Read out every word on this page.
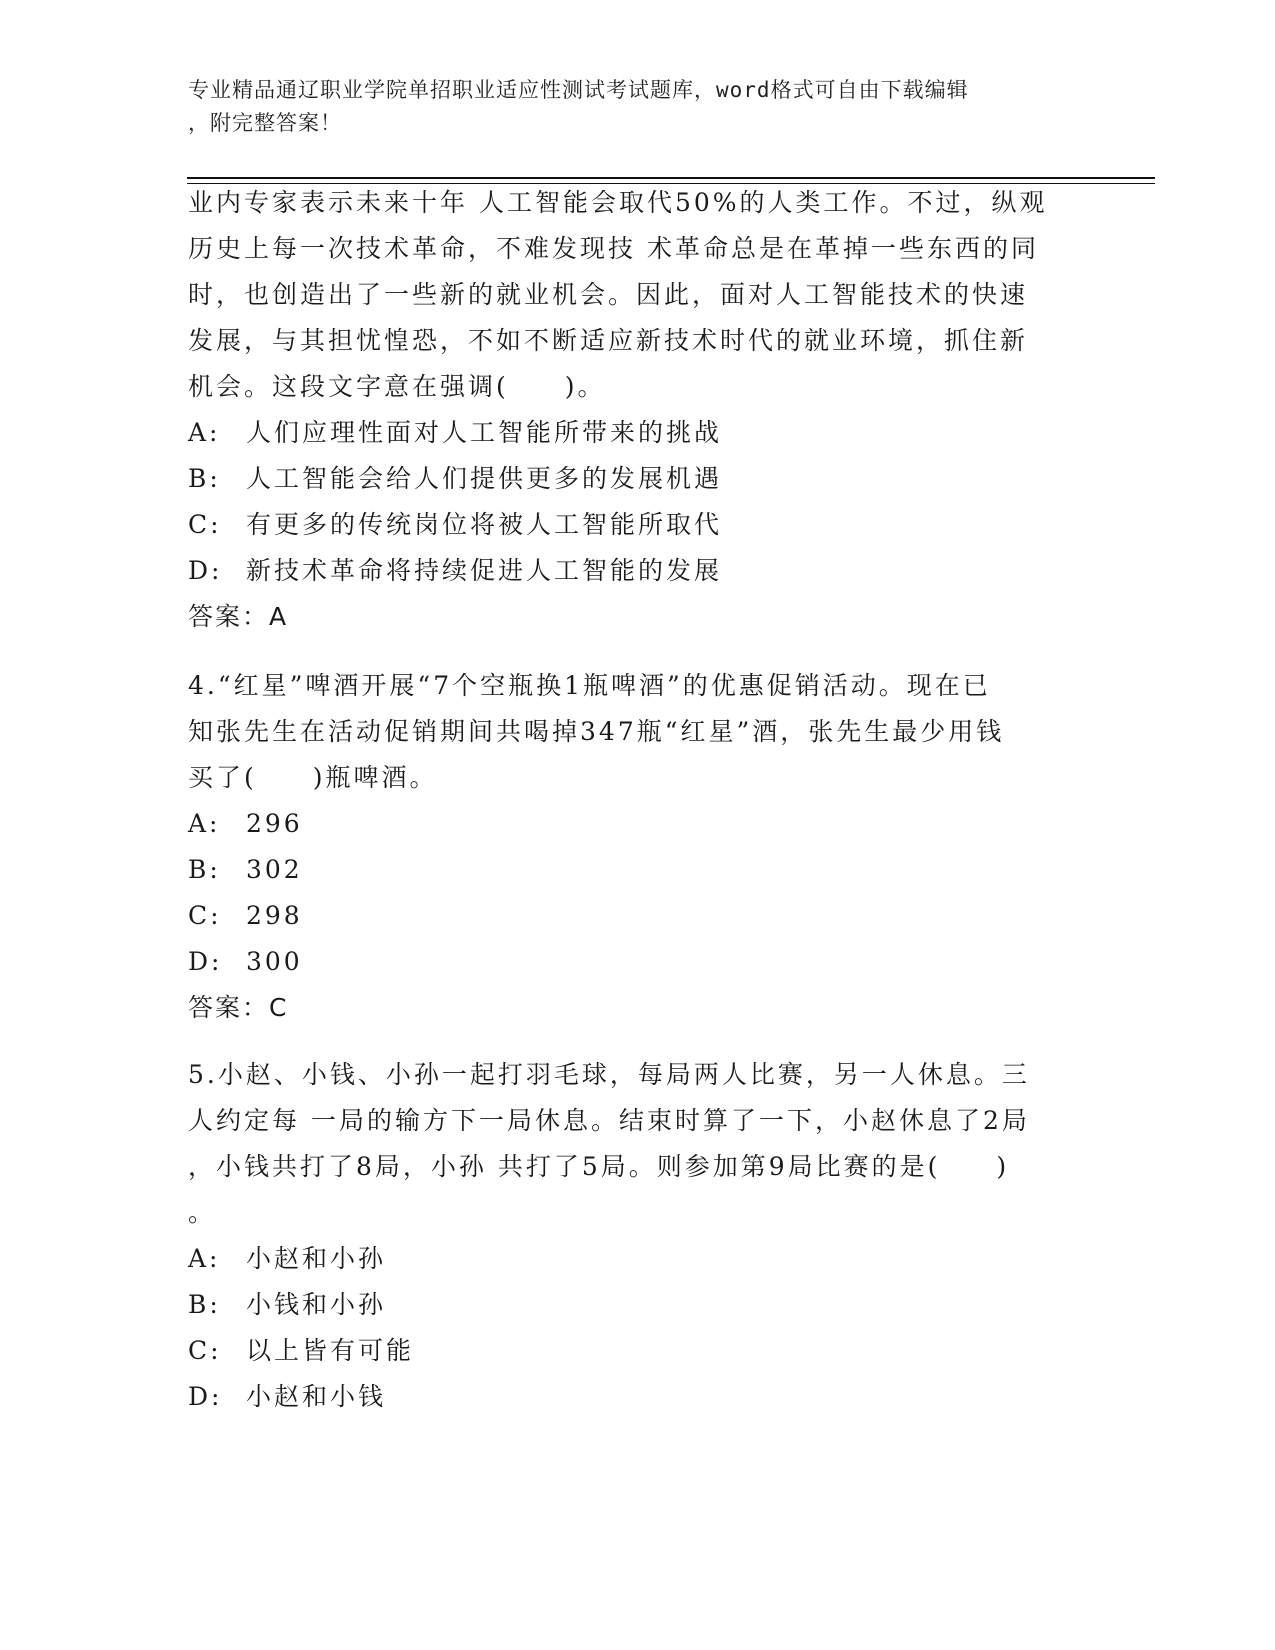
专业精品通辽职业学院单招职业适应性测试考试题库，word格式可自由下载编辑
，附完整答案！

业内专家表示未来十年 人工智能会取代50%的人类工作。不过，纵观

历史上每一次技术革命，不难发现技 术革命总是在革掉一些东西的同

时，也创造出了一些新的就业机会。因此，面对人工智能技术的快速

发展，与其担忧惶恐，不如不断适应新技术时代的就业环境，抓住新

机会。这段文字意在强调(　　)。

A:	人们应理性面对人工智能所带来的挑战
B:	人工智能会给人们提供更多的发展机遇
C: 有更多的传统岗位将被人工智能所取代
D: 新技术革命将持续促进人工智能的发展

答案：A

4.“红星”啤酒开展“7个空瓶换1瓶啤酒”的优惠促销活动。现在已

知张先生在活动促销期间共喝掉347瓶“红星”酒，张先生最少用钱

买了(　　)瓶啤酒。

A:	296
B:	302
C: 298
D: 300

答案：C

5.小赵、小钱、小孙一起打羽毛球，每局两人比赛，另一人休息。三

人约定每 一局的输方下一局休息。结束时算了一下，小赵休息了2局

，小钱共打了8局，小孙 共打了5局。则参加第9局比赛的是(　　)

。

A:	小赵和小孙
B:	小钱和小孙
C: 以上皆有可能
D: 小赵和小钱
